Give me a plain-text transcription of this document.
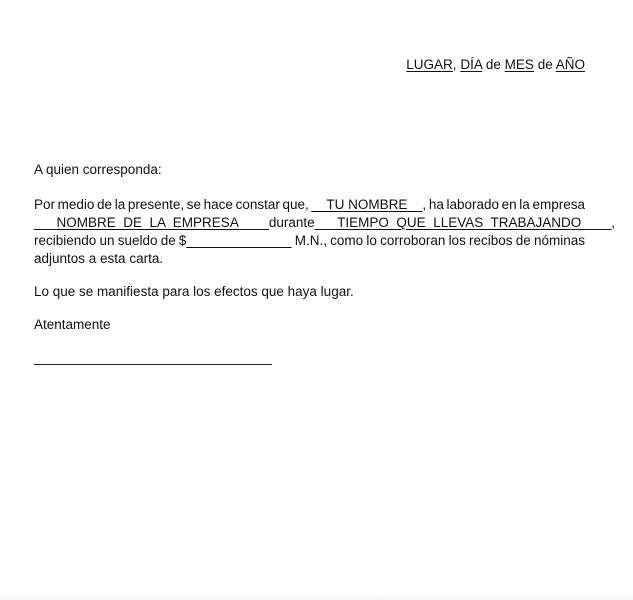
LUGAR, DÍA de MES de AÑO
A quien corresponda:
Por medio de la presente, se hace constar que, __TU NOMBRE__, ha laborado en la empresa
___NOMBRE  DE  LA  EMPRESA____ durante ___TIEMPO  QUE  LLEVAS  TRABAJANDO____,
recibiendo un sueldo de $______________ M.N., como lo corroboran los recibos de nóminas
adjuntos a esta carta.
Lo que se manifiesta para los efectos que haya lugar.
Atentamente
